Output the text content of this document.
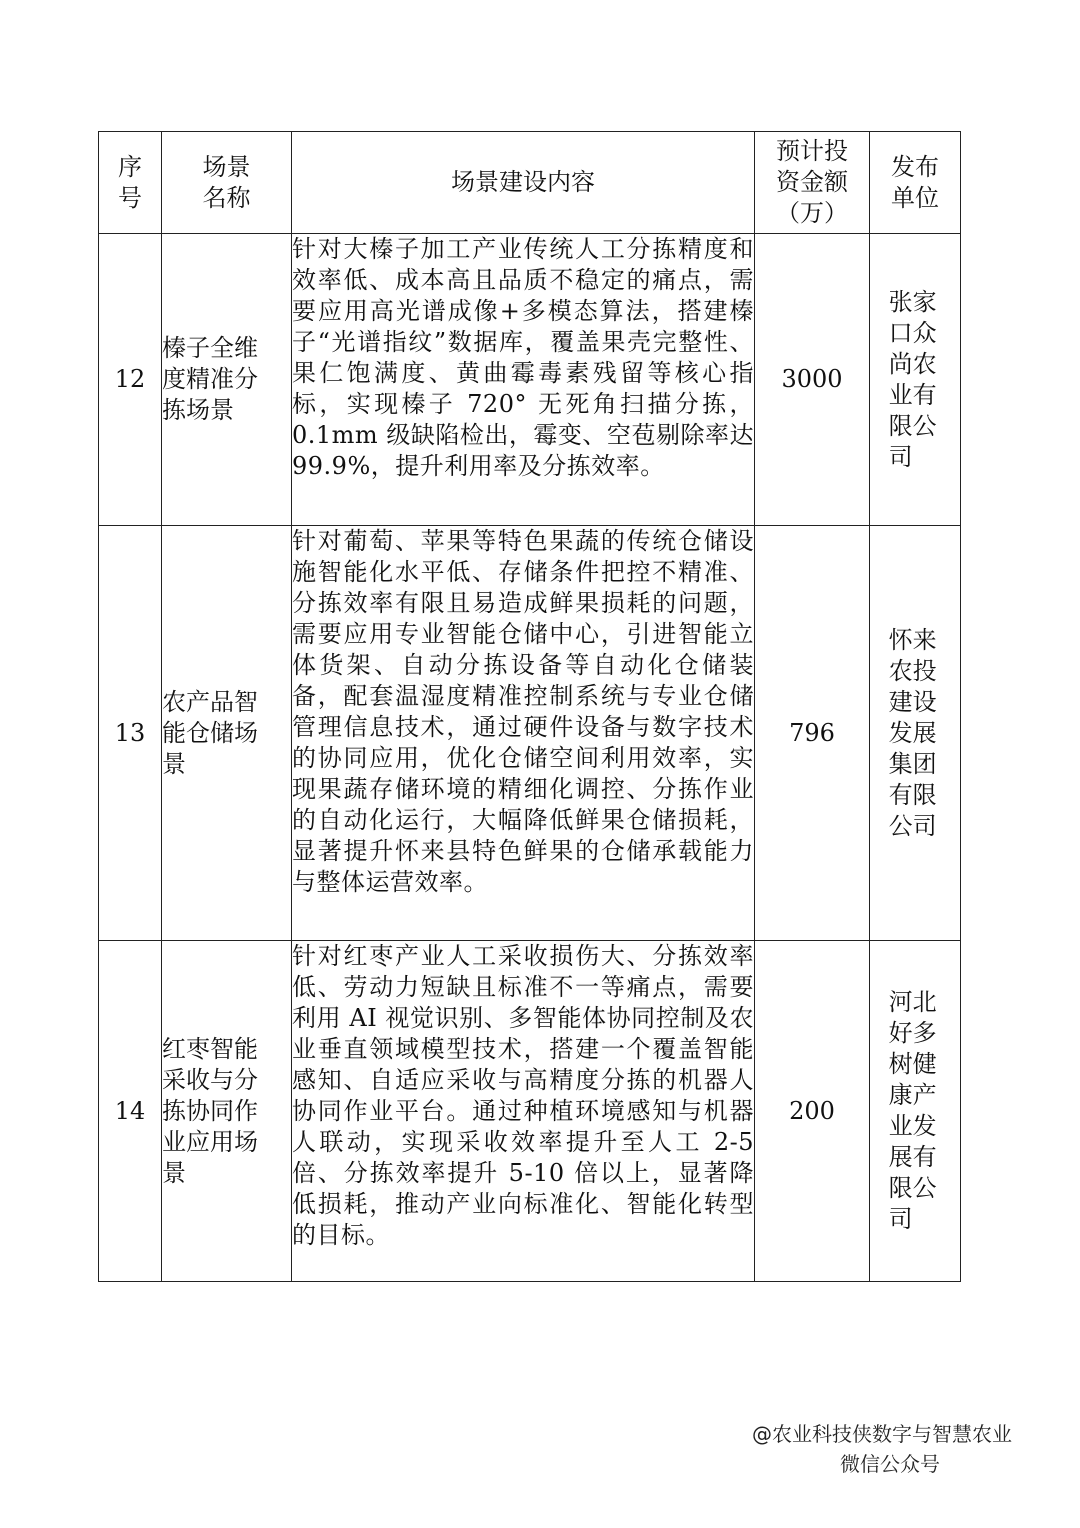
序号	场景名称	场景建设内容	预计投资金额（万）	发布单位
12	榛子全维度精准分拣场景	针对大榛子加工产业传统人工分拣精度和效率低、成本高且品质不稳定的痛点，需要应用高光谱成像+多模态算法，搭建榛子“光谱指纹”数据库，覆盖果壳完整性、果仁饱满度、黄曲霉毒素残留等核心指标，实现榛子 720° 无死角扫描分拣，0.1mm 级缺陷检出，霉变、空苞剔除率达 99.9%，提升利用率及分拣效率。	3000	张家口众尚农业有限公司
13	农产品智能仓储场景	针对葡萄、苹果等特色果蔬的传统仓储设施智能化水平低、存储条件把控不精准、分拣效率有限且易造成鲜果损耗的问题，需要应用专业智能仓储中心，引进智能立体货架、自动分拣设备等自动化仓储装备，配套温湿度精准控制系统与专业仓储管理信息技术，通过硬件设备与数字技术的协同应用，优化仓储空间利用效率，实现果蔬存储环境的精细化调控、分拣作业的自动化运行，大幅降低鲜果仓储损耗，显著提升怀来县特色鲜果的仓储承载能力与整体运营效率。	796	怀来农投建设发展集团有限公司
14	红枣智能采收与分拣协同作业应用场景	针对红枣产业人工采收损伤大、分拣效率低、劳动力短缺且标准不一等痛点，需要利用 AI 视觉识别、多智能体协同控制及农业垂直领域模型技术，搭建一个覆盖智能感知、自适应采收与高精度分拣的机器人协同作业平台。通过种植环境感知与机器人联动，实现采收效率提升至人工 2-5 倍、分拣效率提升 5-10 倍以上，显著降低损耗，推动产业向标准化、智能化转型的目标。	200	河北好多树健康产业发展有限公司
@农业科技侠数字与智慧农业
微信公众号
